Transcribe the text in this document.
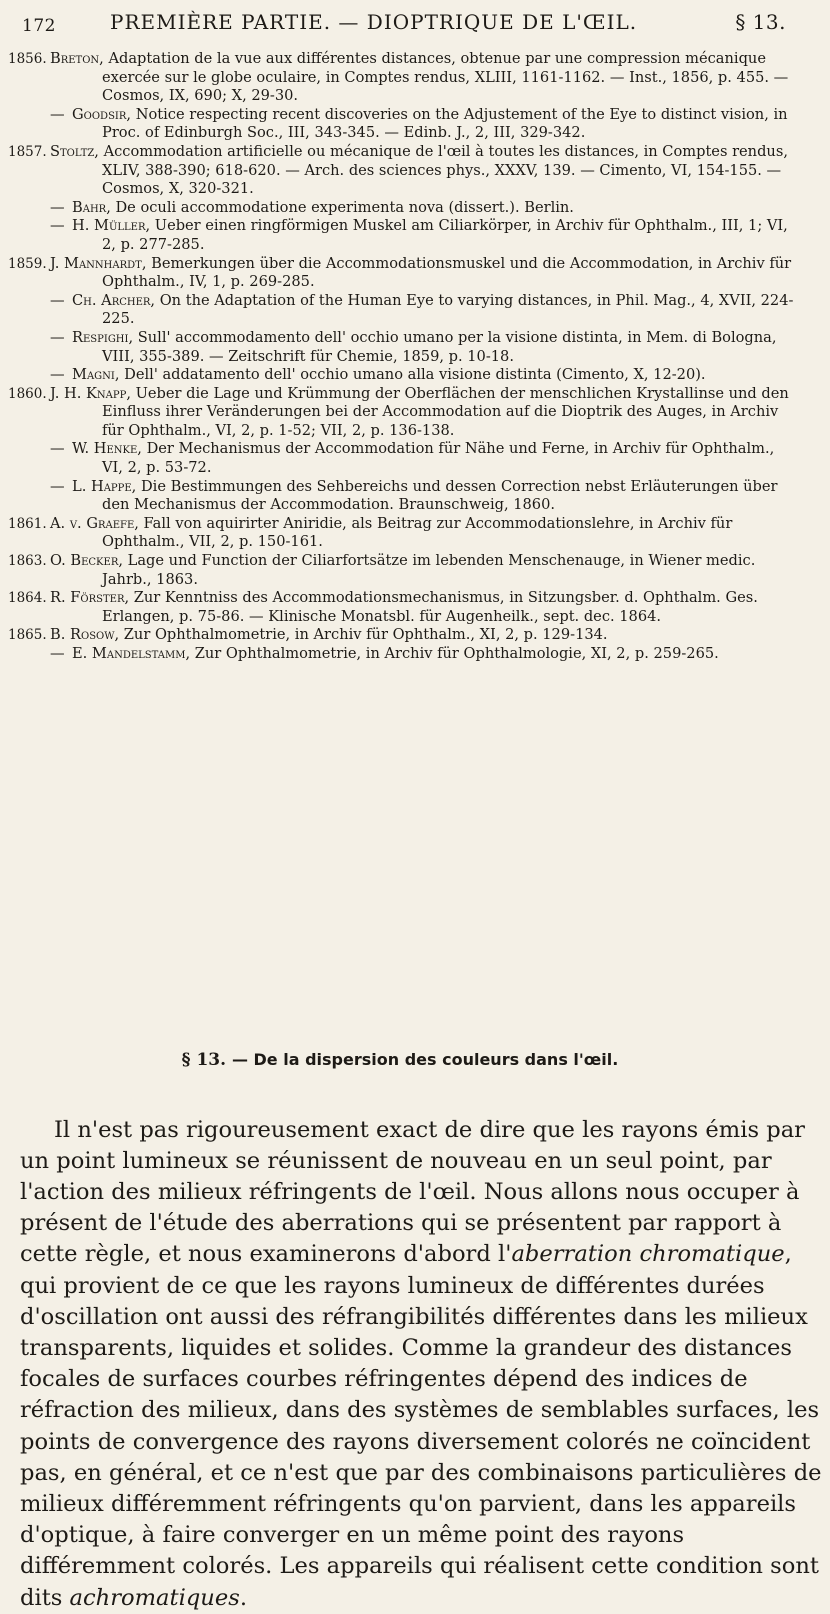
172	PREMIÈRE PARTIE. — DIOPTRIQUE DE L'ŒIL.	§ 13.
1856. Breton, Adaptation de la vue aux différentes distances, obtenue par une compression mécanique exercée sur le globe oculaire, in Comptes rendus, XLIII, 1161-1162. — Inst., 1856, p. 455. — Cosmos, IX, 690; X, 29-30.
— Goodsir, Notice respecting recent discoveries on the Adjustement of the Eye to distinct vision, in Proc. of Edinburgh Soc., III, 343-345. — Edinb. J., 2, III, 329-342.
1857. Stoltz, Accommodation artificielle ou mécanique de l'œil à toutes les distances, in Comptes rendus, XLIV, 388-390; 618-620. — Arch. des sciences phys., XXXV, 139. — Cimento, VI, 154-155. — Cosmos, X, 320-321.
— Bahr, De oculi accommodatione experimenta nova (dissert.). Berlin.
— H. Müller, Ueber einen ringförmigen Muskel am Ciliarkörper, in Archiv für Ophthalm., III, 1; VI, 2, p. 277-285.
1859. J. Mannhardt, Bemerkungen über die Accommodationsmuskel und die Accommodation, in Archiv für Ophthalm., IV, 1, p. 269-285.
— Ch. Archer, On the Adaptation of the Human Eye to varying distances, in Phil. Mag., 4, XVII, 224-225.
— Respighi, Sull' accommodamento dell' occhio umano per la visione distinta, in Mem. di Bologna, VIII, 355-389. — Zeitschrift für Chemie, 1859, p. 10-18.
— Magni, Dell' addatamento dell' occhio umano alla visione distinta (Cimento, X, 12-20).
1860. J. H. Knapp, Ueber die Lage und Krümmung der Oberflächen der menschlichen Krystallinse und den Einfluss ihrer Veränderungen bei der Accommodation auf die Dioptrik des Auges, in Archiv für Ophthalm., VI, 2, p. 1-52; VII, 2, p. 136-138.
— W. Henke, Der Mechanismus der Accommodation für Nähe und Ferne, in Archiv für Ophthalm., VI, 2, p. 53-72.
— L. Happe, Die Bestimmungen des Sehbereichs und dessen Correction nebst Erläuterungen über den Mechanismus der Accommodation. Braunschweig, 1860.
1861. A. v. Graefe, Fall von aquirirter Aniridie, als Beitrag zur Accommodationslehre, in Archiv für Ophthalm., VII, 2, p. 150-161.
1863. O. Becker, Lage und Function der Ciliarfortsätze im lebenden Menschenauge, in Wiener medic. Jahrb., 1863.
1864. R. Förster, Zur Kenntniss des Accommodationsmechanismus, in Sitzungsber. d. Ophthalm. Ges. Erlangen, p. 75-86. — Klinische Monatsbl. für Augenheilk., sept. dec. 1864.
1865. B. Rosow, Zur Ophthalmometrie, in Archiv für Ophthalm., XI, 2, p. 129-134.
— E. Mandelstamm, Zur Ophthalmometrie, in Archiv für Ophthalmologie, XI, 2, p. 259-265.
§ 13. — De la dispersion des couleurs dans l'œil.

Il n'est pas rigoureusement exact de dire que les rayons émis par un point lumineux se réunissent de nouveau en un seul point, par l'action des milieux réfringents de l'œil. Nous allons nous occuper à présent de l'étude des aberrations qui se présentent par rapport à cette règle, et nous examinerons d'abord l'aberration chromatique, qui provient de ce que les rayons lumineux de différentes durées d'oscillation ont aussi des réfrangibilités différentes dans les milieux transparents, liquides et solides. Comme la grandeur des distances focales de surfaces courbes réfringentes dépend des indices de réfraction des milieux, dans des systèmes de semblables surfaces, les points de convergence des rayons diversement colorés ne coïncident pas, en général, et ce n'est que par des combinaisons particulières de milieux différemment réfringents qu'on parvient, dans les appareils d'optique, à faire converger en un même point des rayons différemment colorés. Les appareils qui réalisent cette condition sont dits achromatiques.
